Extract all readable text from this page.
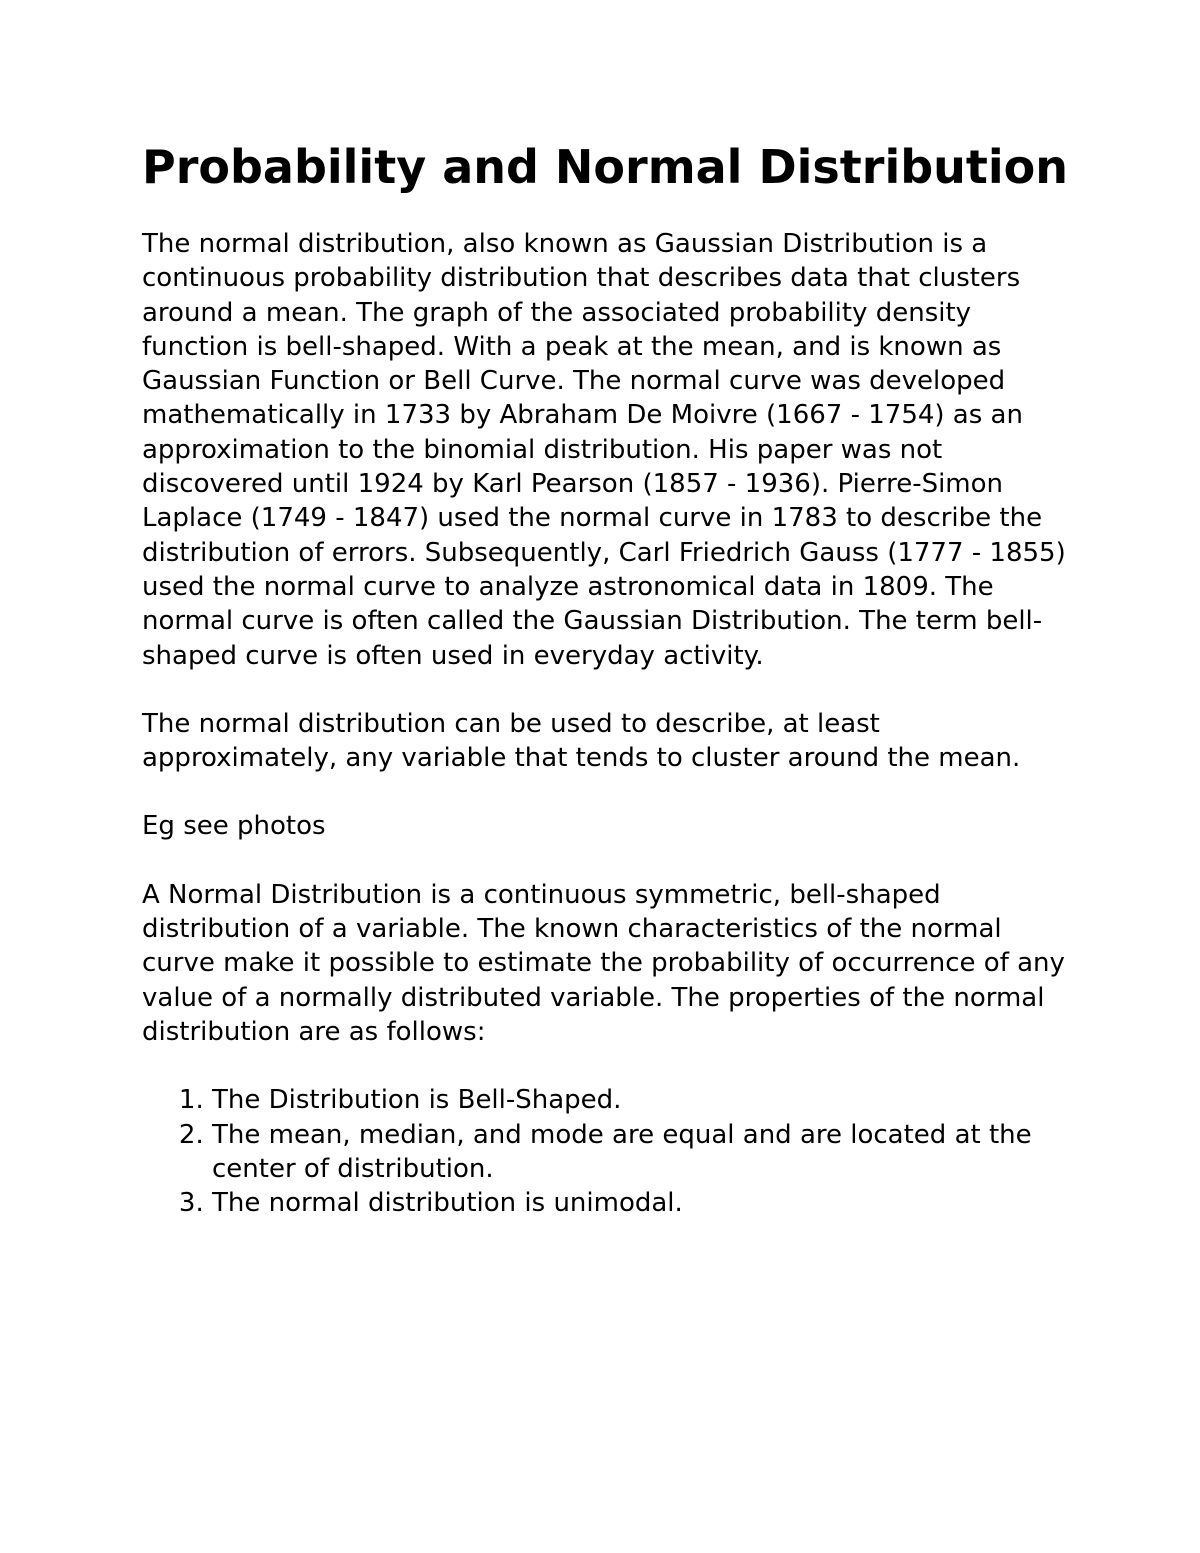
Probability and Normal Distribution

The normal distribution, also known as Gaussian Distribution is a continuous probability distribution that describes data that clusters around a mean. The graph of the associated probability density function is bell-shaped. With a peak at the mean, and is known as Gaussian Function or Bell Curve. The normal curve was developed mathematically in 1733 by Abraham De Moivre (1667 - 1754) as an approximation to the binomial distribution. His paper was not discovered until 1924 by Karl Pearson (1857 - 1936). Pierre-Simon Laplace (1749 - 1847) used the normal curve in 1783 to describe the distribution of errors. Subsequently, Carl Friedrich Gauss (1777 - 1855) used the normal curve to analyze astronomical data in 1809. The normal curve is often called the Gaussian Distribution. The term bell-shaped curve is often used in everyday activity.

The normal distribution can be used to describe, at least approximately, any variable that tends to cluster around the mean.

Eg see photos

A Normal Distribution is a continuous symmetric, bell-shaped distribution of a variable. The known characteristics of the normal curve make it possible to estimate the probability of occurrence of any value of a normally distributed variable. The properties of the normal distribution are as follows:

1. The Distribution is Bell-Shaped.
2. The mean, median, and mode are equal and are located at the center of distribution.
3. The normal distribution is unimodal.
